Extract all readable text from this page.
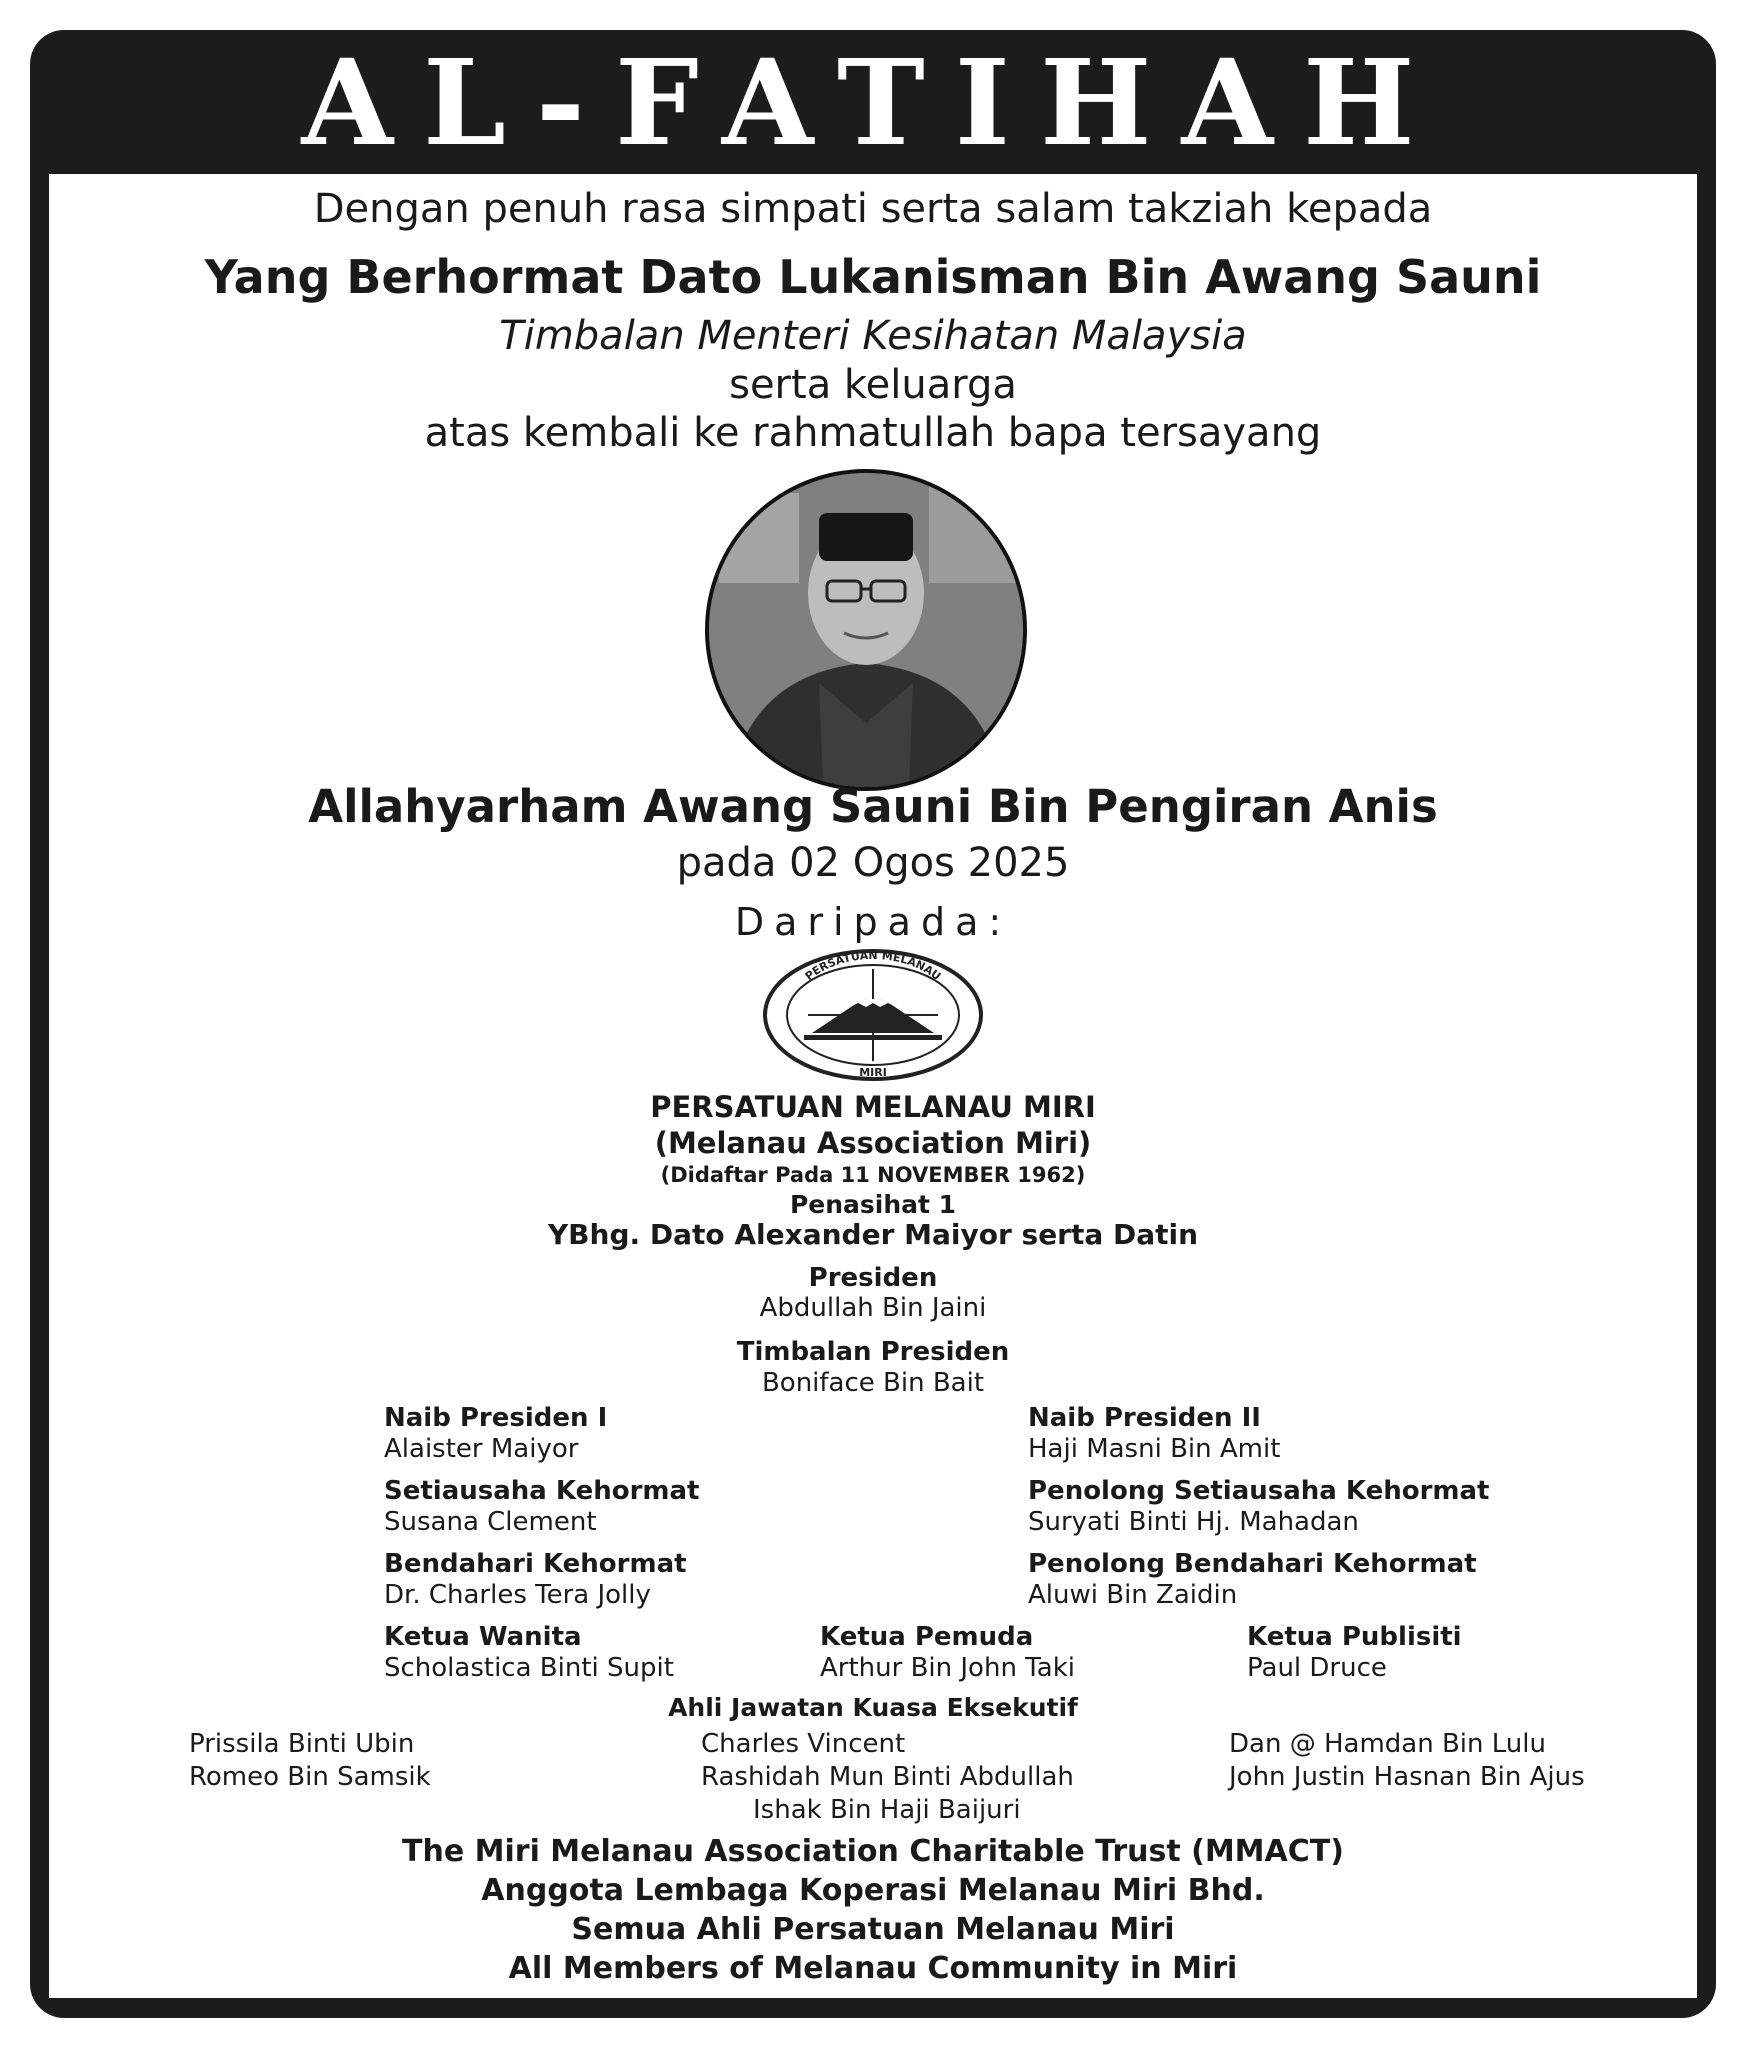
AL-FATIHAH
Dengan penuh rasa simpati serta salam takziah kepada
Yang Berhormat Dato Lukanisman Bin Awang Sauni
Timbalan Menteri Kesihatan Malaysia
serta keluarga
atas kembali ke rahmatullah bapa tersayang
Allahyarham Awang Sauni Bin Pengiran Anis
pada 02 Ogos 2025
Daripada:
PERSATUAN MELANAU
MIRI
PERSATUAN MELANAU MIRI
(Melanau Association Miri)
(Didaftar Pada 11 NOVEMBER 1962)
Penasihat 1
YBhg. Dato Alexander Maiyor serta Datin
Presiden
Abdullah Bin Jaini
Timbalan Presiden
Boniface Bin Bait
Naib Presiden I
Alaister Maiyor
Naib Presiden II
Haji Masni Bin Amit
Setiausaha Kehormat
Susana Clement
Penolong Setiausaha Kehormat
Suryati Binti Hj. Mahadan
Bendahari Kehormat
Dr. Charles Tera Jolly
Penolong Bendahari Kehormat
Aluwi Bin Zaidin
Ketua Wanita
Scholastica Binti Supit
Ketua Pemuda
Arthur Bin John Taki
Ketua Publisiti
Paul Druce
Ahli Jawatan Kuasa Eksekutif
Prissila Binti Ubin
Romeo Bin Samsik
Charles Vincent
Rashidah Mun Binti Abdullah
Ishak Bin Haji Baijuri
Dan @ Hamdan Bin Lulu
John Justin Hasnan Bin Ajus
The Miri Melanau Association Charitable Trust (MMACT)
Anggota Lembaga Koperasi Melanau Miri Bhd.
Semua Ahli Persatuan Melanau Miri
All Members of Melanau Community in Miri
